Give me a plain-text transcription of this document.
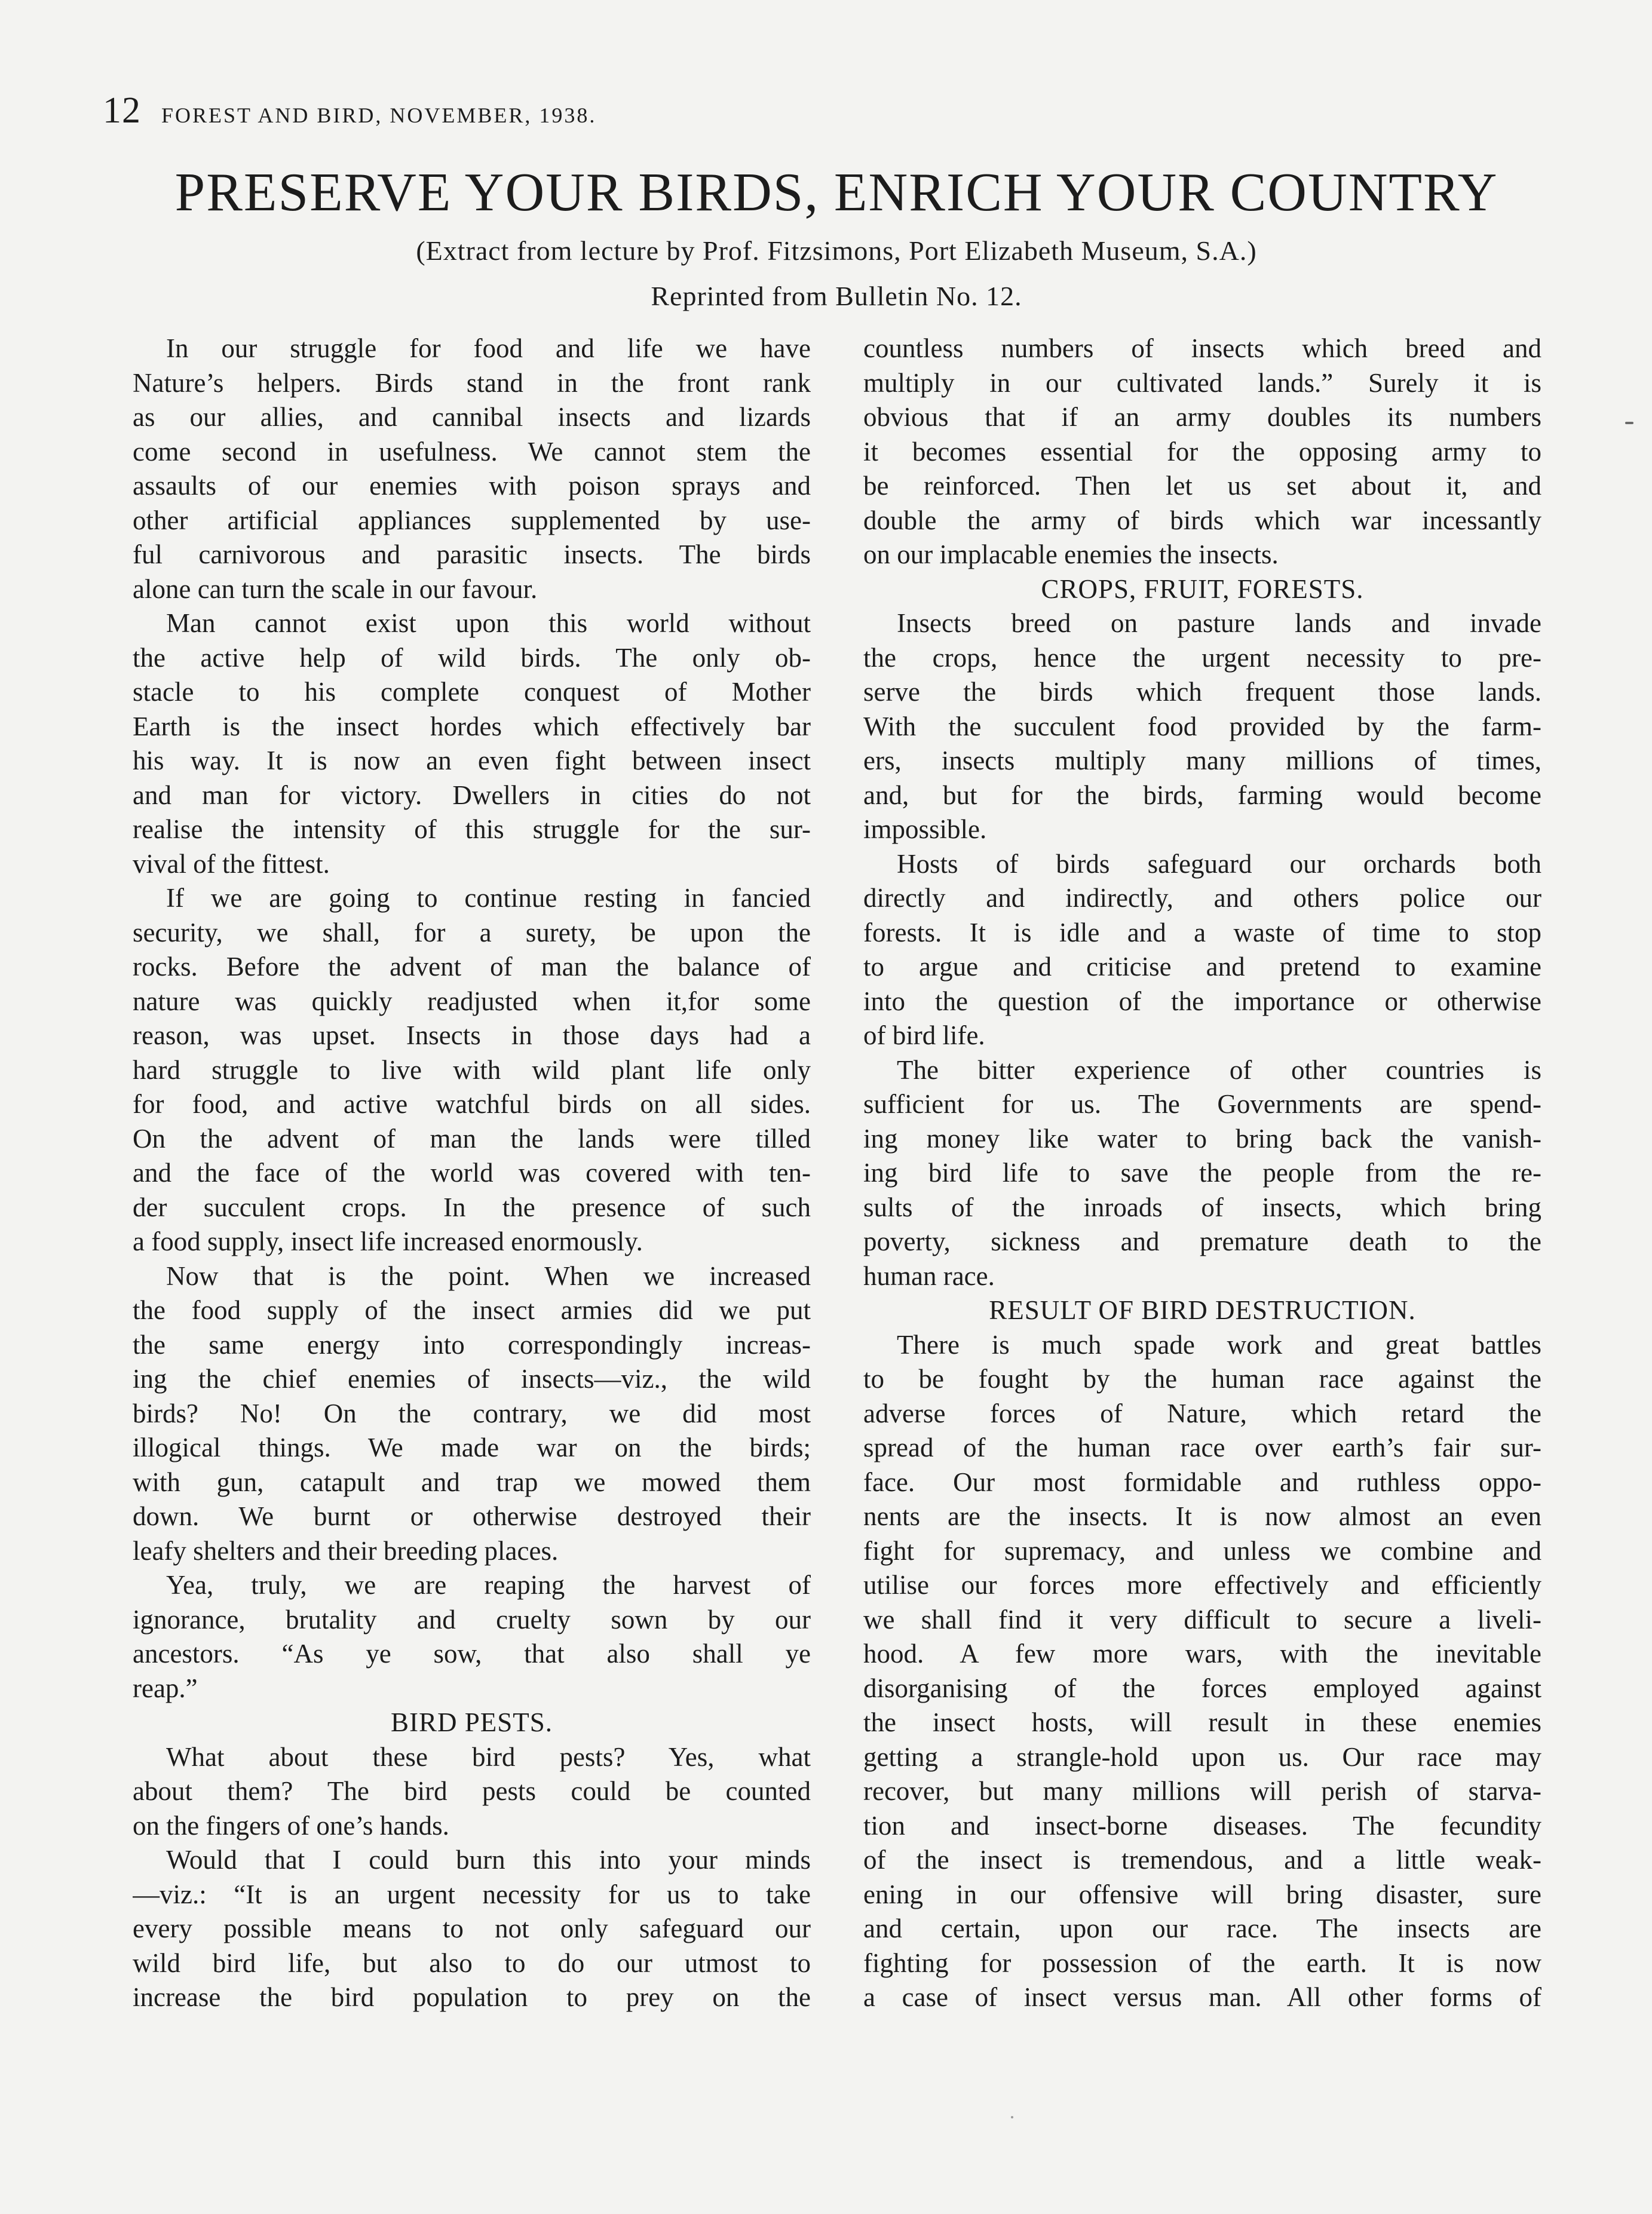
12 FOREST AND BIRD, NOVEMBER, 1938.
PRESERVE YOUR BIRDS, ENRICH YOUR COUNTRY
(Extract from lecture by Prof. Fitzsimons, Port Elizabeth Museum, S.A.)
Reprinted from Bulletin No. 12.
In our struggle for food and life we have
Nature’s helpers. Birds stand in the front rank
as our allies, and cannibal insects and lizards
come second in usefulness. We cannot stem the
assaults of our enemies with poison sprays and
other artificial appliances supplemented by use-
ful carnivorous and parasitic insects. The birds
alone can turn the scale in our favour.
Man cannot exist upon this world without
the active help of wild birds. The only ob-
stacle to his complete conquest of Mother
Earth is the insect hordes which effectively bar
his way. It is now an even fight between insect
and man for victory. Dwellers in cities do not
realise the intensity of this struggle for the sur-
vival of the fittest.
If we are going to continue resting in fancied
security, we shall, for a surety, be upon the
rocks. Before the advent of man the balance of
nature was quickly readjusted when it,for some
reason, was upset. Insects in those days had a
hard struggle to live with wild plant life only
for food, and active watchful birds on all sides.
On the advent of man the lands were tilled
and the face of the world was covered with ten-
der succulent crops. In the presence of such
a food supply, insect life increased enormously.
Now that is the point. When we increased
the food supply of the insect armies did we put
the same energy into correspondingly increas-
ing the chief enemies of insects—viz., the wild
birds? No! On the contrary, we did most
illogical things. We made war on the birds;
with gun, catapult and trap we mowed them
down. We burnt or otherwise destroyed their
leafy shelters and their breeding places.
Yea, truly, we are reaping the harvest of
ignorance, brutality and cruelty sown by our
ancestors. “As ye sow, that also shall ye
reap.”
BIRD PESTS.
What about these bird pests? Yes, what
about them? The bird pests could be counted
on the fingers of one’s hands.
Would that I could burn this into your minds
—viz.: “It is an urgent necessity for us to take
every possible means to not only safeguard our
wild bird life, but also to do our utmost to
increase the bird population to prey on the
countless numbers of insects which breed and
multiply in our cultivated lands.” Surely it is
obvious that if an army doubles its numbers
it becomes essential for the opposing army to
be reinforced. Then let us set about it, and
double the army of birds which war incessantly
on our implacable enemies the insects.
CROPS, FRUIT, FORESTS.
Insects breed on pasture lands and invade
the crops, hence the urgent necessity to pre-
serve the birds which frequent those lands.
With the succulent food provided by the farm-
ers, insects multiply many millions of times,
and, but for the birds, farming would become
impossible.
Hosts of birds safeguard our orchards both
directly and indirectly, and others police our
forests. It is idle and a waste of time to stop
to argue and criticise and pretend to examine
into the question of the importance or otherwise
of bird life.
The bitter experience of other countries is
sufficient for us. The Governments are spend-
ing money like water to bring back the vanish-
ing bird life to save the people from the re-
sults of the inroads of insects, which bring
poverty, sickness and premature death to the
human race.
RESULT OF BIRD DESTRUCTION.
There is much spade work and great battles
to be fought by the human race against the
adverse forces of Nature, which retard the
spread of the human race over earth’s fair sur-
face. Our most formidable and ruthless oppo-
nents are the insects. It is now almost an even
fight for supremacy, and unless we combine and
utilise our forces more effectively and efficiently
we shall find it very difficult to secure a liveli-
hood. A few more wars, with the inevitable
disorganising of the forces employed against
the insect hosts, will result in these enemies
getting a strangle-hold upon us. Our race may
recover, but many millions will perish of starva-
tion and insect-borne diseases. The fecundity
of the insect is tremendous, and a little weak-
ening in our offensive will bring disaster, sure
and certain, upon our race. The insects are
fighting for possession of the earth. It is now
a case of insect versus man. All other forms of
